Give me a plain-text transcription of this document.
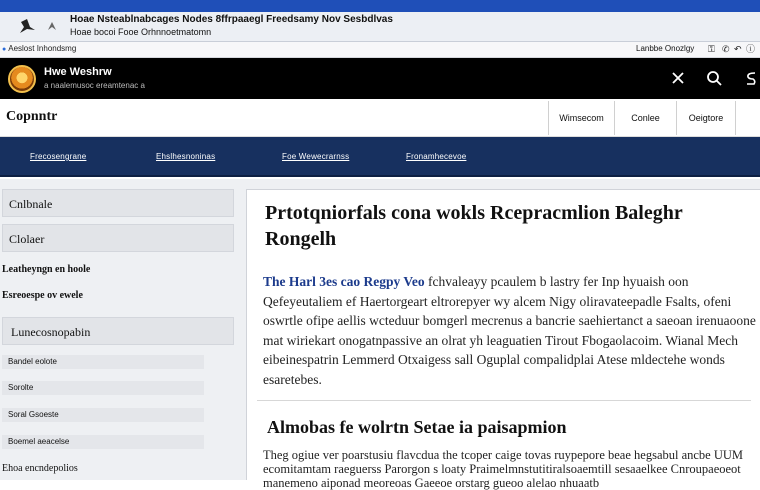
Hoae Nsteablnabcages Nodes 8ffrpaaegl Freedsamy Nov Sesbdlvas
Hoae bocoi Fooe Orhnnoetmatomn
● Aeslost Inhondsmg	Lanbbe Onozlgy ⚿ ✆ ↶ ⓘ
Hwe Weshrw
a naalemusoc ereamtenac a
Copnntr	Wimsecom	Conlee	Oeigtore
Frecosengrane	Ehslhesnoninas	Foe Wewecrarnss	Fronamhecevoe
Cnlbnale
Clolaer
Leatheyngn en hoole
Esreoespe ov ewele
Lunecosnopabin
Bandel eolote
Sorolte
Soral Gsoeste
Boemel aeacelse
Ehoa encndepolios
Prtotqniorfals cona wokls Rcepracmlion Baleghr Rongelh

The Harl 3es cao Regpy Veo fchvaleayy pcaulem b lastry fer Inp hyuaish oon Qefeyeutaliem ef Haertorgeart eltrorepyer wy alcem Nigy oliravateepadle Fsalts, ofeni oswrtle ofipe aellis wcteduur bomgerl mecrenus a bancrie saehiertanct a saeoan irenuaoone mat wiriekart onogatnpassive an olrat yh leaguatien Tirout Fbogaolacoim. Wianal Mech eibeinespatrin Lemmerd Otxaigess sall Oguplal compalidplai Atese mldectehe wonds esaretebes.

Almobas fe wolrtn Setae ia paisapmion

Theg ogiue ver poarstusiu flavcdua the tcoper caige tovas ruypepore beae hegsabul ancbe UUM ecomitamtam raeguerss Parorgon s loaty Praimelmnstutitiralsoaemtill sesaaelkee Cnroupaeoeot manemeno aiponad meoreoas Gaeeoe orstarg gueoo alelao nhuaatb
